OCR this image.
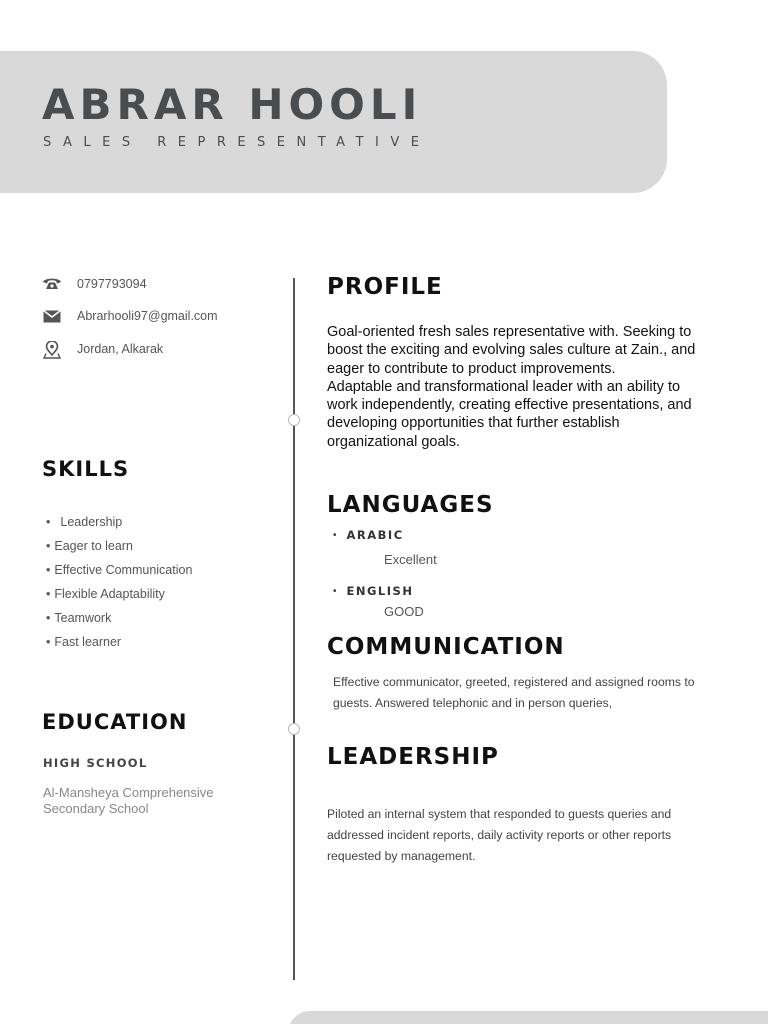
ABRAR HOOLI
SALES REPRESENTATIVE
0797793094
Abrarhooli97@gmail.com
Jordan, Alkarak
SKILLS
• Leadership
• Eager to learn
• Effective Communication
• Flexible Adaptability
• Teamwork
• Fast learner
EDUCATION
HIGH SCHOOL
Al-Mansheya Comprehensive Secondary School
PROFILE

Goal-oriented fresh sales representative with. Seeking to boost the exciting and evolving sales culture at Zain., and eager to contribute to product improvements.

Adaptable and transformational leader with an ability to work independently, creating effective presentations, and developing opportunities that further establish organizational goals.

LANGUAGES
• ARABIC
Excellent
• ENGLISH
GOOD
COMMUNICATION
Effective communicator, greeted, registered and assigned rooms to guests. Answered telephonic and in person queries,
LEADERSHIP
Piloted an internal system that responded to guests queries and addressed incident reports, daily activity reports or other reports requested by management.
